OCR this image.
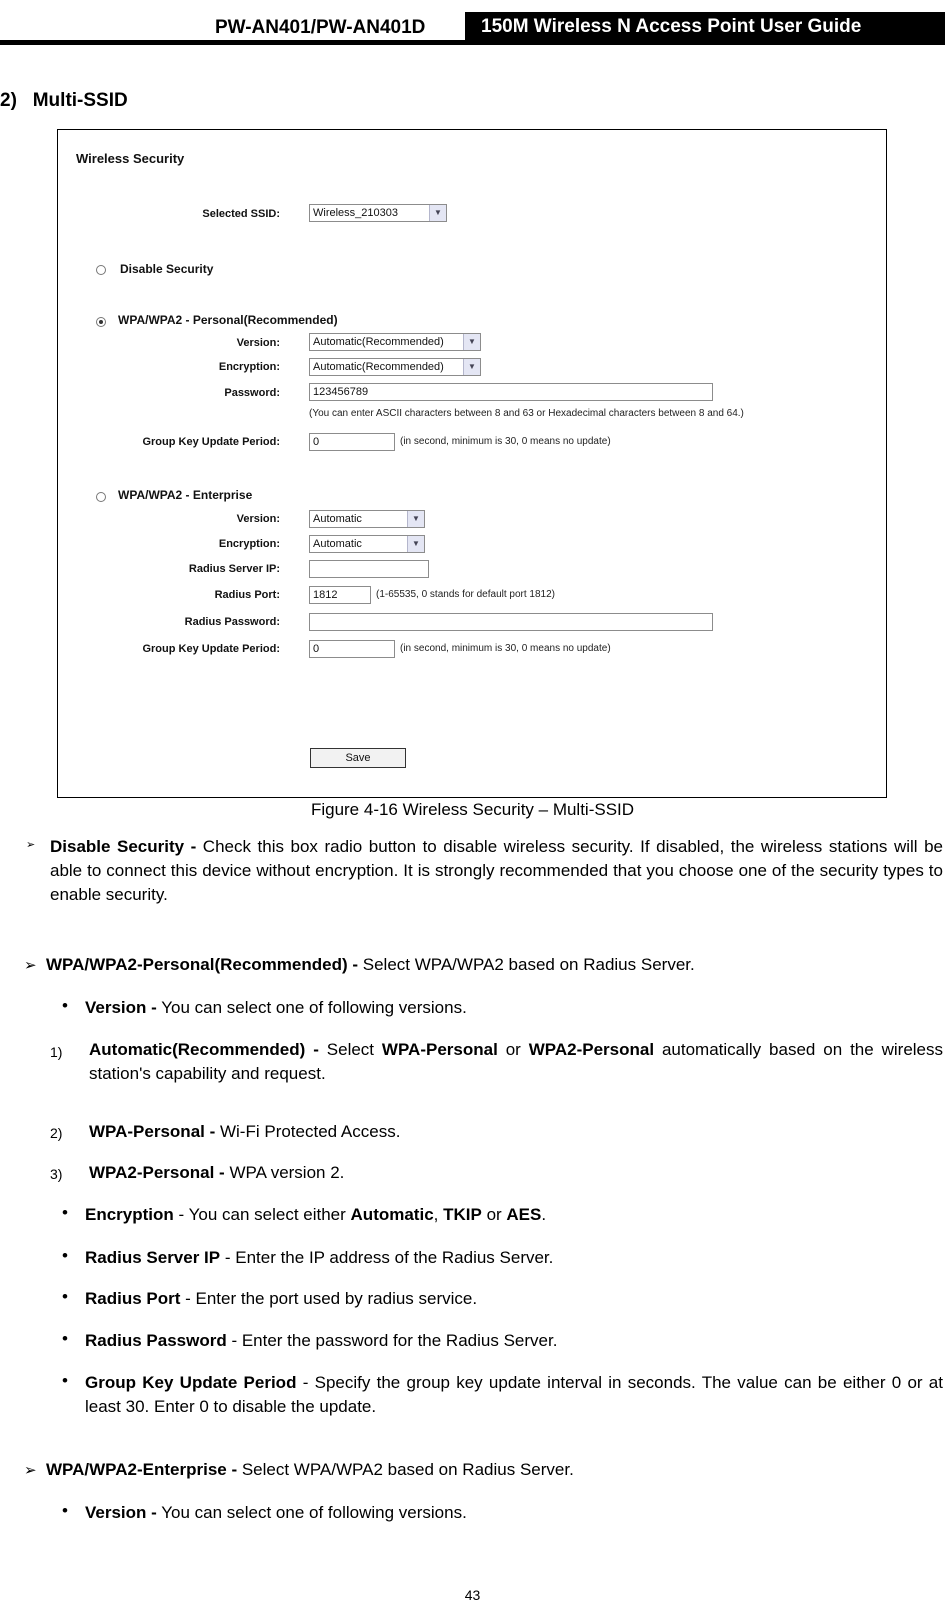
PW-AN401/PW-AN401D	150M Wireless N Access Point User Guide
2)   Multi-SSID
Wireless Security
Selected SSID:	Wireless_210303	▼
Disable Security
WPA/WPA2 - Personal(Recommended)
Version:	Automatic(Recommended)	▼
Encryption:	Automatic(Recommended)	▼
Password:	123456789
(You can enter ASCII characters between 8 and 63 or Hexadecimal characters between 8 and 64.)
Group Key Update Period:	0	(in second, minimum is 30, 0 means no update)
WPA/WPA2 - Enterprise
Version:	Automatic	▼
Encryption:	Automatic	▼
Radius Server IP:
Radius Port:	1812	(1-65535, 0 stands for default port 1812)
Radius Password:
Group Key Update Period:	0	(in second, minimum is 30, 0 means no update)
Save
Figure 4-16 Wireless Security – Multi-SSID
➢ Disable Security - Check this box radio button to disable wireless security. If disabled, the wireless stations will be able to connect this device without encryption. It is strongly recommended that you choose one of the security types to enable security.
➢ WPA/WPA2-Personal(Recommended) - Select WPA/WPA2 based on Radius Server.
• Version - You can select one of following versions.
1) Automatic(Recommended) - Select WPA-Personal or WPA2-Personal automatically based on the wireless station's capability and request.
2) WPA-Personal - Wi-Fi Protected Access.
3) WPA2-Personal - WPA version 2.
• Encryption - You can select either Automatic, TKIP or AES.
• Radius Server IP - Enter the IP address of the Radius Server.
• Radius Port - Enter the port used by radius service.
• Radius Password - Enter the password for the Radius Server.
• Group Key Update Period - Specify the group key update interval in seconds. The value can be either 0 or at least 30. Enter 0 to disable the update.
➢ WPA/WPA2-Enterprise - Select WPA/WPA2 based on Radius Server.
• Version - You can select one of following versions.
43
